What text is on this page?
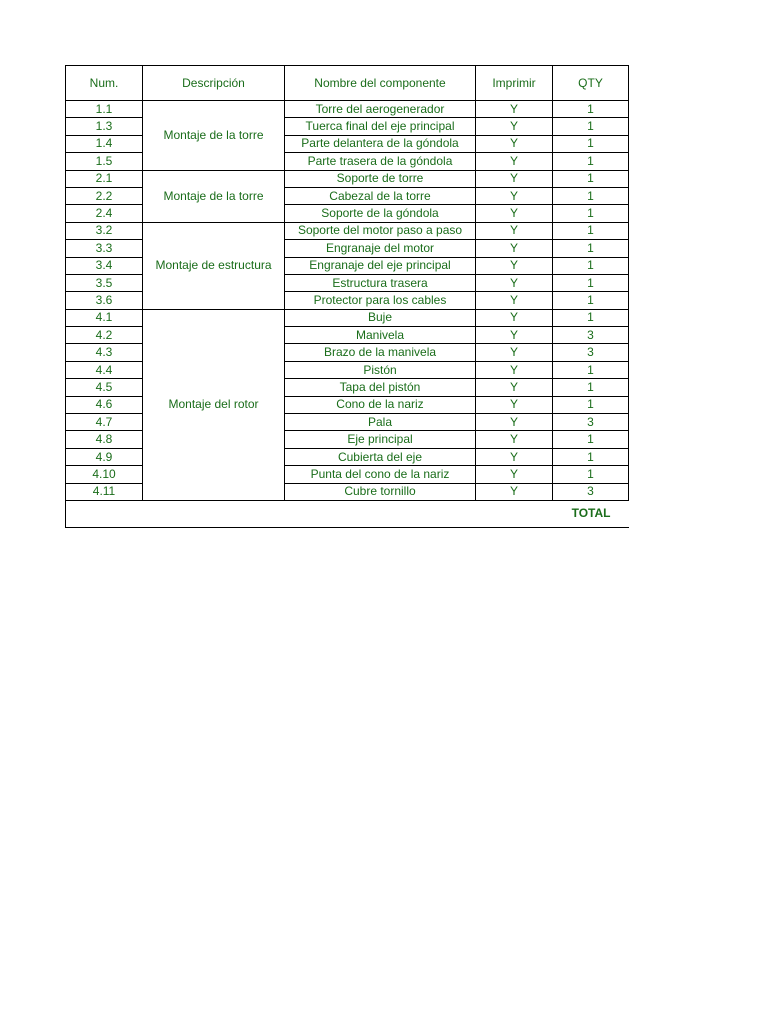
Num.	Descripción	Nombre del componente	Imprimir	QTY
1.1	Montaje de la torre	Torre del aerogenerador	Y	1
1.3		Tuerca final del eje principal	Y	1
1.4		Parte delantera de la góndola	Y	1
1.5		Parte trasera de la góndola	Y	1
2.1	Montaje de la torre	Soporte de torre	Y	1
2.2		Cabezal de la torre	Y	1
2.4		Soporte de la góndola	Y	1
3.2	Montaje de estructura	Soporte del motor paso a paso	Y	1
3.3		Engranaje del motor	Y	1
3.4		Engranaje del eje principal	Y	1
3.5		Estructura trasera	Y	1
3.6		Protector para los cables	Y	1
4.1	Montaje del rotor	Buje	Y	1
4.2		Manivela	Y	3
4.3		Brazo de la manivela	Y	3
4.4		Pistón	Y	1
4.5		Tapa del pistón	Y	1
4.6		Cono de la nariz	Y	1
4.7		Pala	Y	3
4.8		Eje principal	Y	1
4.9		Cubierta del eje	Y	1
4.10		Punta del cono de la nariz	Y	1
4.11		Cubre tornillo	Y	3
TOTAL				
